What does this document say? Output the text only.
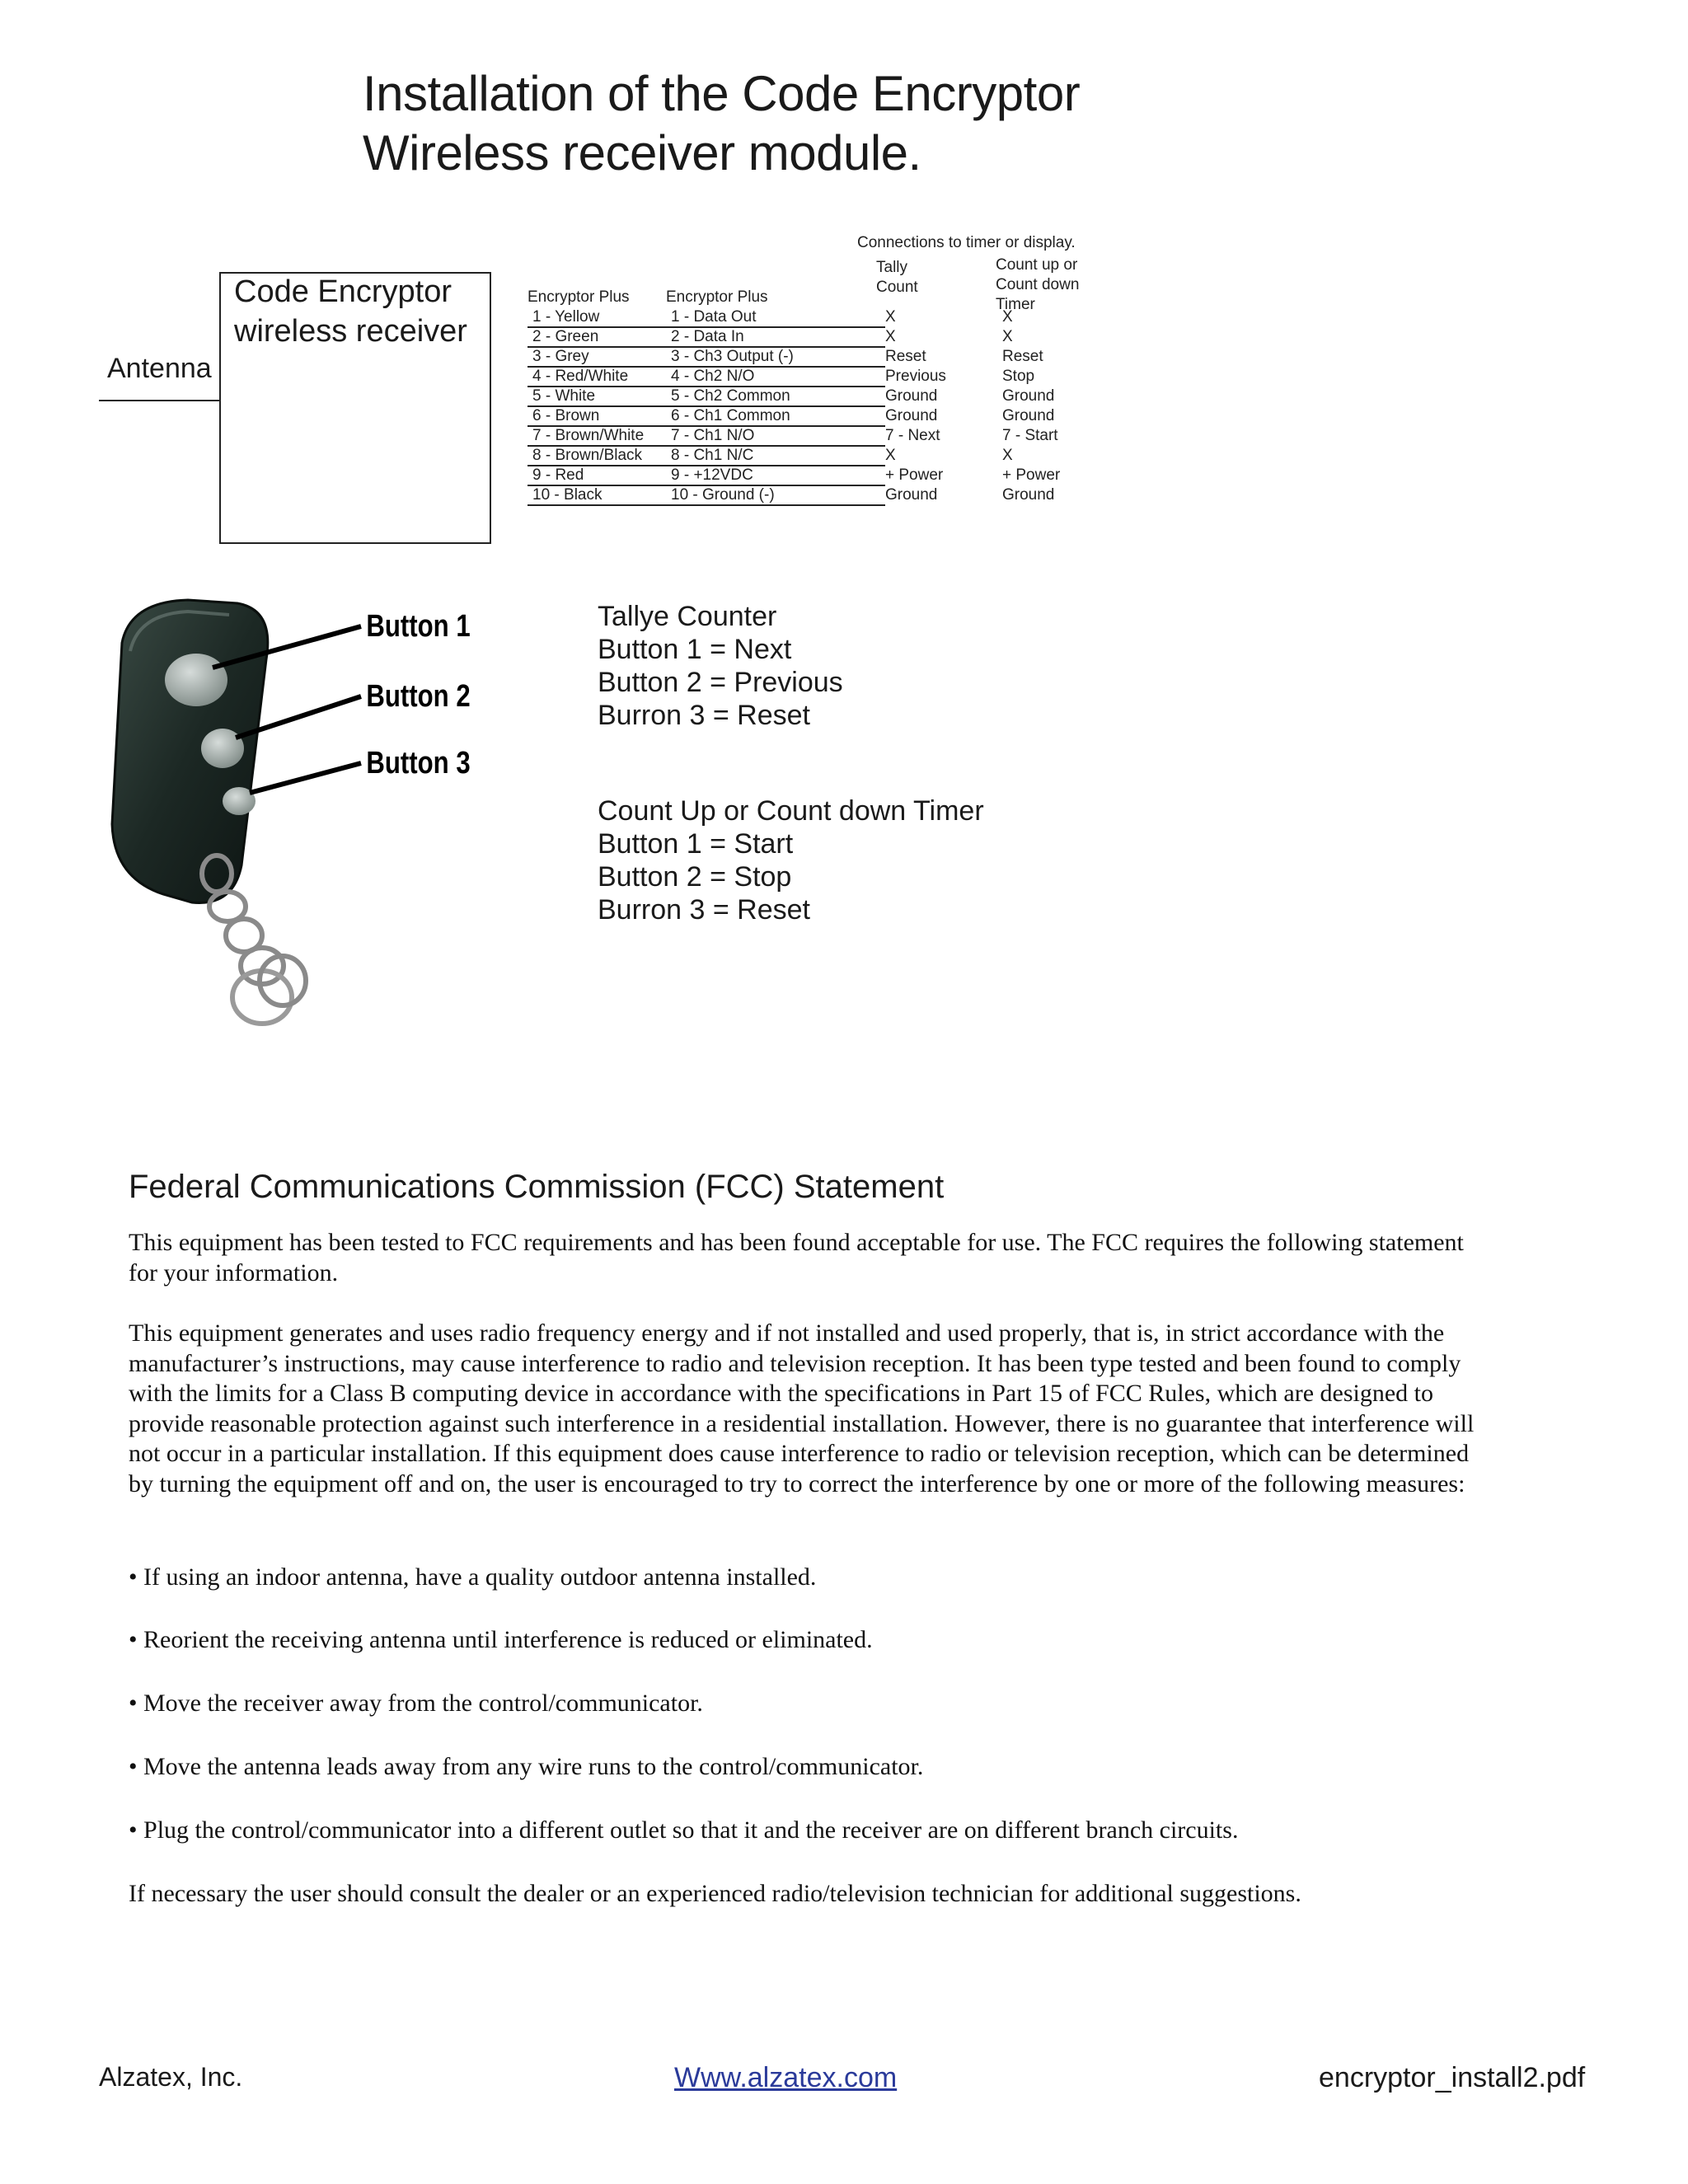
Installation of the Code Encryptor
Wireless receiver module.
Antenna
Code Encryptor
wireless receiver
Connections to timer or display.
Encryptor Plus Encryptor Plus
Tally
Count
Count up or
Count down
Timer
1 - Yellow	1 - Data Out	X	X
2 - Green	2 - Data In	X	X
3 - Grey	3 - Ch3 Output (-)	Reset	Reset
4 - Red/White	4 - Ch2 N/O	Previous	Stop
5 - White	5 - Ch2 Common	Ground	Ground
6 - Brown	6 - Ch1 Common	Ground	Ground
7 - Brown/White 7 - Ch1 N/O	7 - Next	7 - Start
8 - Brown/Black 8 - Ch1 N/C	X	X
9 - Red	9 - +12VDC	+ Power	+ Power
10 - Black	10 - Ground (-)	Ground	Ground
Button 1
Button 2
Button 3
Tallye Counter
Button 1 = Next
Button 2 = Previous
Burron 3 = Reset
Count Up or Count down Timer
Button 1 = Start
Button 2 = Stop
Burron 3 = Reset
Federal Communications Commission (FCC) Statement
This equipment has been tested to FCC requirements and has been found acceptable for use. The FCC requires the following statement for your information.
This equipment generates and uses radio frequency energy and if not installed and used properly, that is, in strict accordance with the manufacturer’s instructions, may cause interference to radio and television reception. It has been type tested and been found to comply with the limits for a Class B computing device in accordance with the specifications in Part 15 of FCC Rules, which are designed to provide reasonable protection against such interference in a residential installation. However, there is no guarantee that interference will not occur in a particular installation. If this equipment does cause interference to radio or television reception, which can be determined by turning the equipment off and on, the user is encouraged to try to correct the interference by one or more of the following measures:
• If using an indoor antenna, have a quality outdoor antenna installed.
• Reorient the receiving antenna until interference is reduced or eliminated.
• Move the receiver away from the control/communicator.
• Move the antenna leads away from any wire runs to the control/communicator.
• Plug the control/communicator into a different outlet so that it and the receiver are on different branch circuits.
If necessary the user should consult the dealer or an experienced radio/television technician for additional suggestions.
Alzatex, Inc.	Www.alzatex.com	encryptor_install2.pdf
